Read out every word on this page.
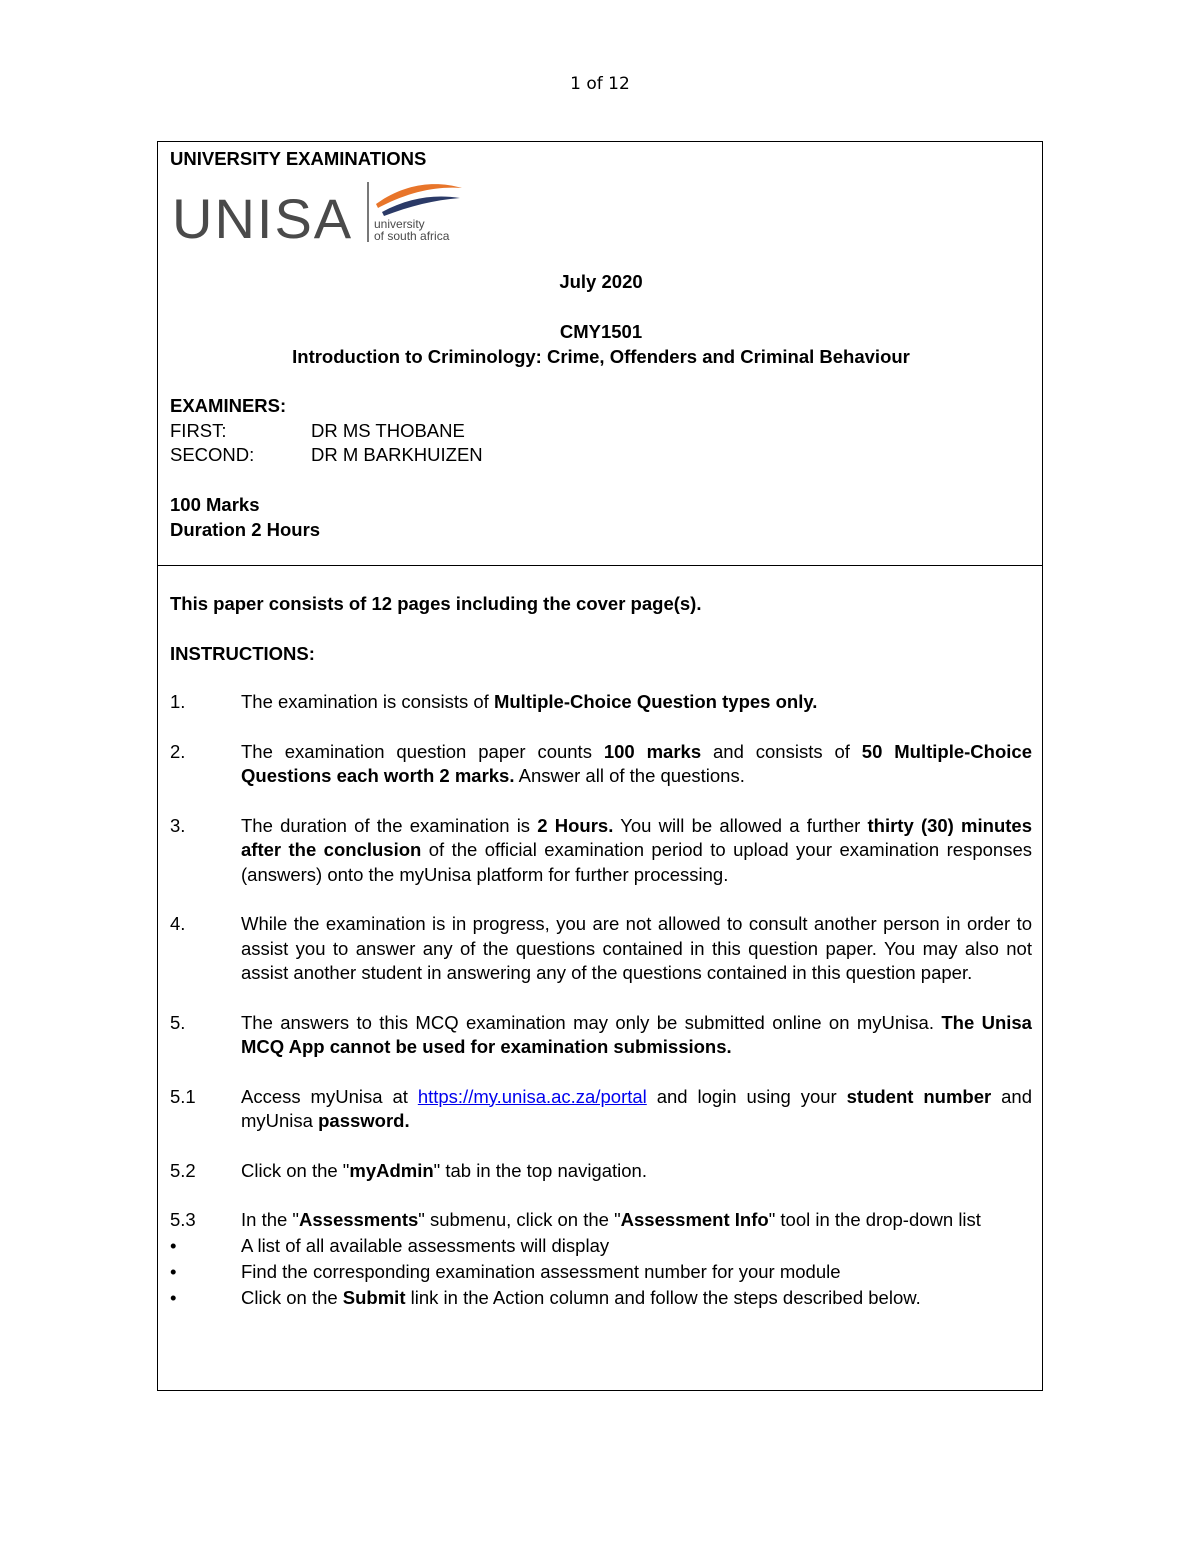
1 of 12
UNIVERSITY EXAMINATIONS
UNISA university
of south africa
July 2020
CMY1501
Introduction to Criminology: Crime, Offenders and Criminal Behaviour
EXAMINERS:
FIRST:	DR MS THOBANE
SECOND:	DR M BARKHUIZEN
100 Marks
Duration 2 Hours
This paper consists of 12 pages including the cover page(s).
INSTRUCTIONS:
1.	The examination is consists of Multiple-Choice Question types only.
2.	The examination question paper counts 100 marks and consists of 50 Multiple-Choice Questions each worth 2 marks. Answer all of the questions.
3.	The duration of the examination is 2 Hours. You will be allowed a further thirty (30) minutes after the conclusion of the official examination period to upload your examination responses (answers) onto the myUnisa platform for further processing.
4.	While the examination is in progress, you are not allowed to consult another person in order to assist you to answer any of the questions contained in this question paper. You may also not assist another student in answering any of the questions contained in this question paper.
5.	The answers to this MCQ examination may only be submitted online on myUnisa. The Unisa MCQ App cannot be used for examination submissions.
5.1 Access myUnisa at https://my.unisa.ac.za/portal and login using your student number and myUnisa password.
5.2 Click on the "myAdmin" tab in the top navigation.
5.3 In the "Assessments" submenu, click on the "Assessment Info" tool in the drop-down list
•	A list of all available assessments will display
•	Find the corresponding examination assessment number for your module
•	Click on the Submit link in the Action column and follow the steps described below.
